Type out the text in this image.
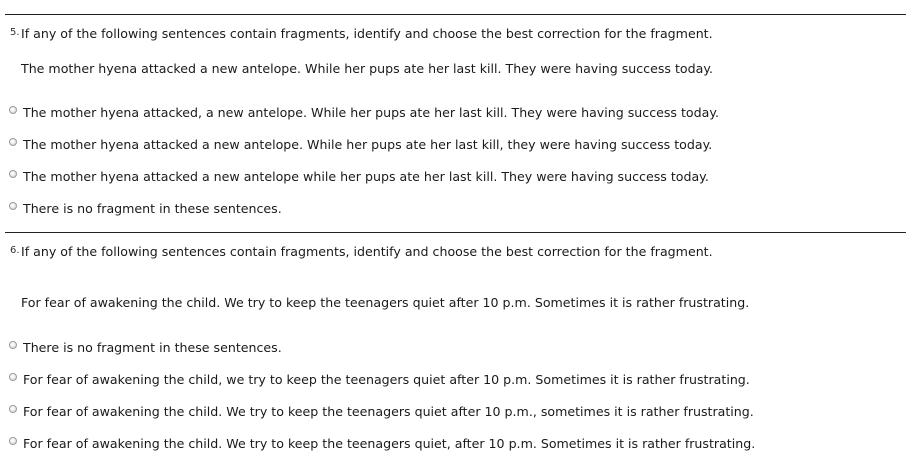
5. If any of the following sentences contain fragments, identify and choose the best correction for the fragment.
The mother hyena attacked a new antelope. While her pups ate her last kill. They were having success today.
The mother hyena attacked, a new antelope. While her pups ate her last kill. They were having success today.
The mother hyena attacked a new antelope. While her pups ate her last kill, they were having success today.
The mother hyena attacked a new antelope while her pups ate her last kill. They were having success today.
There is no fragment in these sentences.
6. If any of the following sentences contain fragments, identify and choose the best correction for the fragment.
For fear of awakening the child. We try to keep the teenagers quiet after 10 p.m. Sometimes it is rather frustrating.
There is no fragment in these sentences.
For fear of awakening the child, we try to keep the teenagers quiet after 10 p.m. Sometimes it is rather frustrating.
For fear of awakening the child. We try to keep the teenagers quiet after 10 p.m., sometimes it is rather frustrating.
For fear of awakening the child. We try to keep the teenagers quiet, after 10 p.m. Sometimes it is rather frustrating.
